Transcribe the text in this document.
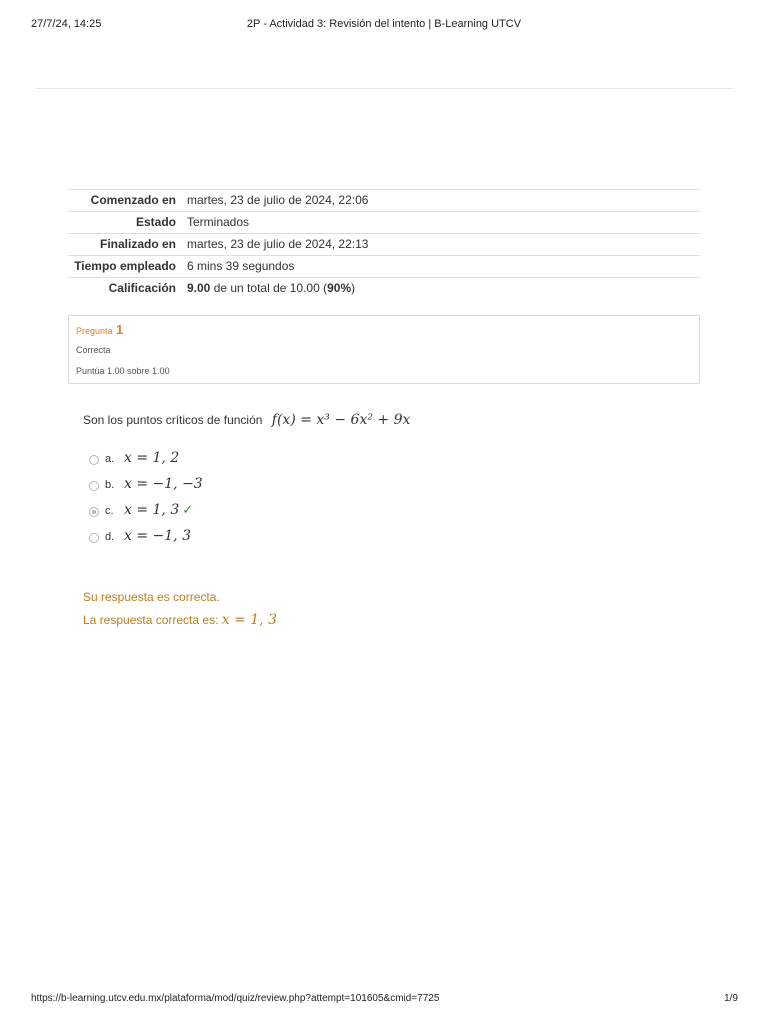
27/7/24, 14:25	2P - Actividad 3: Revisión del intento | B-Learning UTCV
Comenzado en	martes, 23 de julio de 2024, 22:06
Estado	Terminados
Finalizado en	martes, 23 de julio de 2024, 22:13
Tiempo empleado	6 mins 39 segundos
Calificación	9.00 de un total de 10.00 (90%)
Pregunta 1
Correcta
Puntúa 1.00 sobre 1.00
Son los puntos críticos de función f(x) = x³ − 6x² + 9x
a. x = 1, 2
b. x = −1, −3
c. x = 1, 3 ✓
d. x = −1, 3
Su respuesta es correcta.
La respuesta correcta es: x = 1, 3
https://b-learning.utcv.edu.mx/plataforma/mod/quiz/review.php?attempt=101605&cmid=7725	1/9
